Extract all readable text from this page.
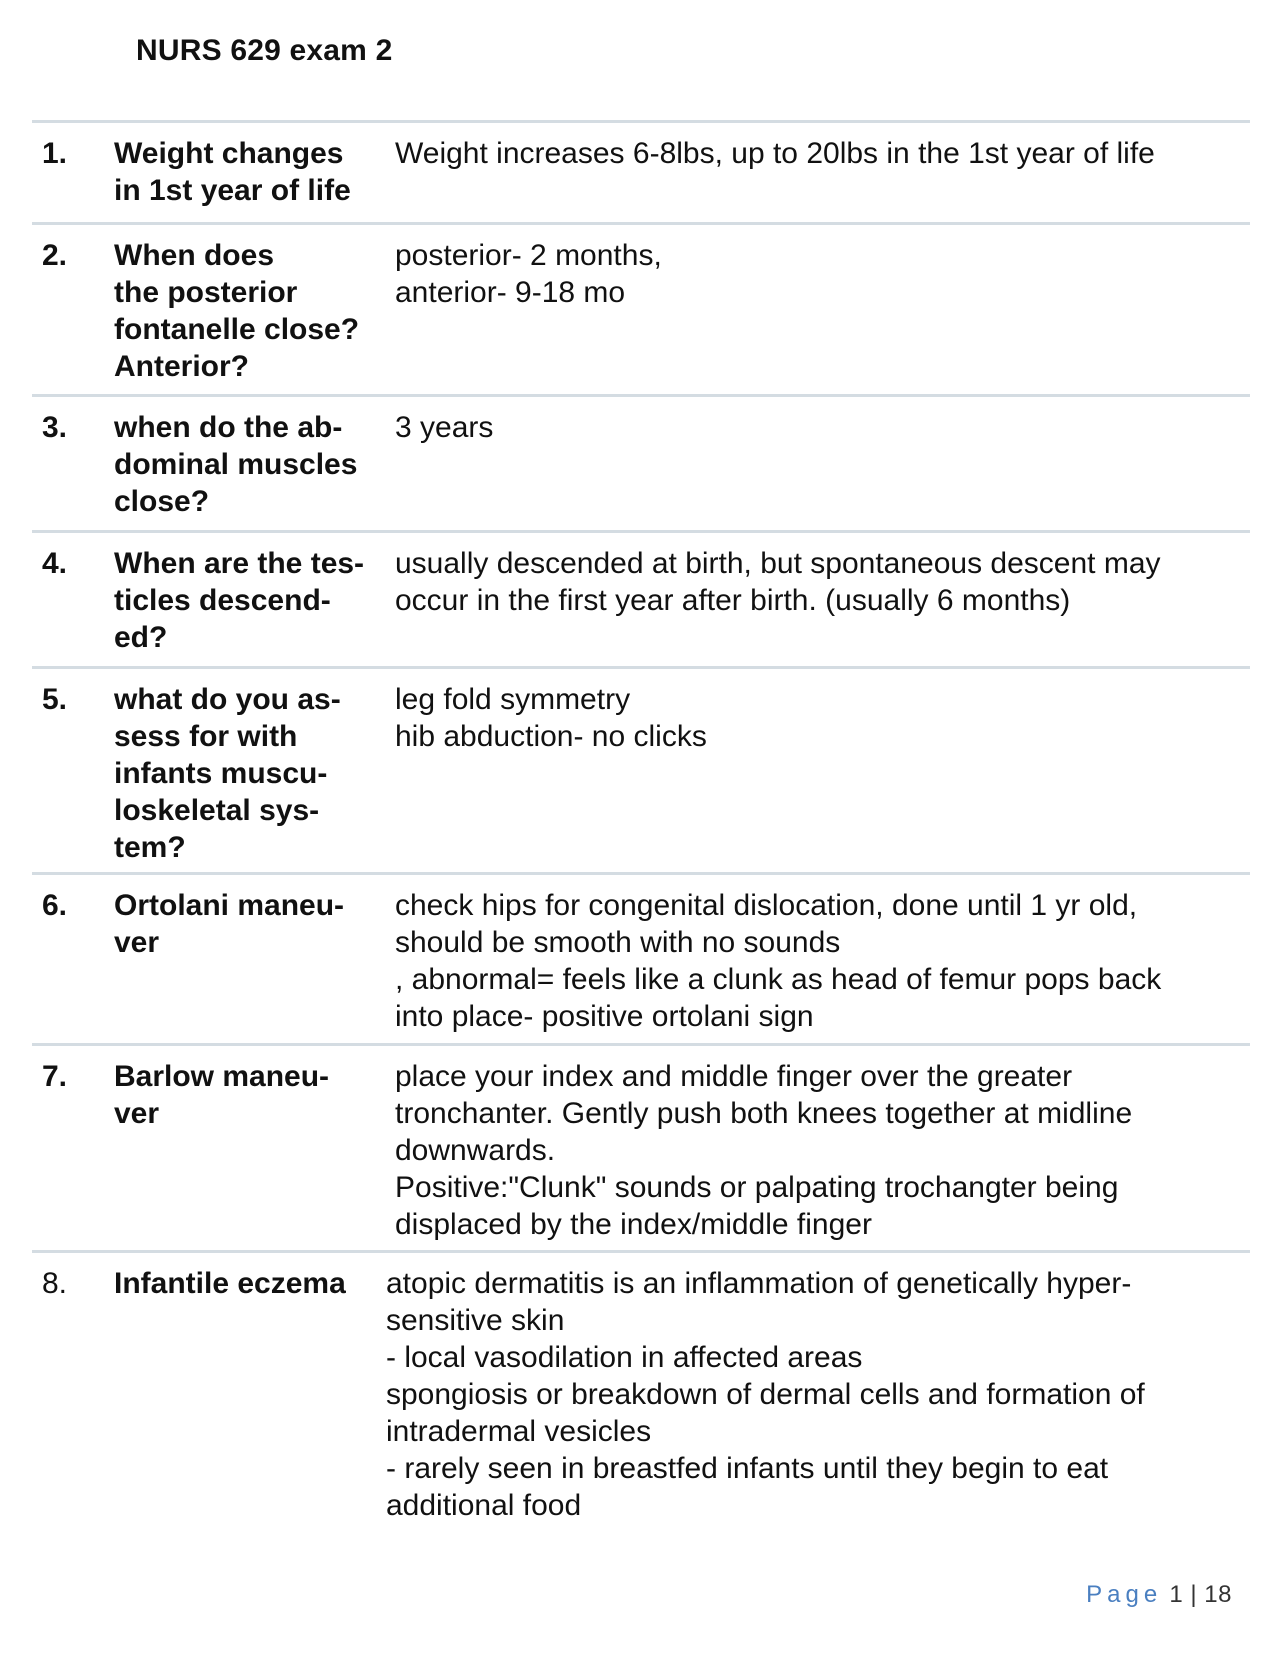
NURS 629 exam 2
1. Weight changes
in 1st year of life
Weight increases 6-8lbs, up to 20lbs in the 1st year of life
2. When does
the posterior
fontanelle close?
Anterior?
posterior- 2 months,
anterior- 9-18 mo
3. when do the ab-
dominal muscles
close?
3 years
4. When are the tes-
ticles descend-
ed?
usually descended at birth, but spontaneous descent may
occur in the first year after birth. (usually 6 months)
5. what do you as-
sess for with
infants muscu-
loskeletal sys-
tem?
leg fold symmetry
hib abduction- no clicks
6. Ortolani maneu-
ver
check hips for congenital dislocation, done until 1 yr old,
should be smooth with no sounds
, abnormal= feels like a clunk as head of femur pops back
into place- positive ortolani sign
7. Barlow maneu-
ver
place your index and middle finger over the greater
tronchanter. Gently push both knees together at midline
downwards.
Positive:"Clunk" sounds or palpating trochangter being
displaced by the index/middle finger
8. Infantile eczema	atopic dermatitis is an inflammation of genetically hyper-
sensitive skin
- local vasodilation in affected areas
spongiosis or breakdown of dermal cells and formation of
intradermal vesicles
- rarely seen in breastfed infants until they begin to eat
additional food
Page 1 | 18
